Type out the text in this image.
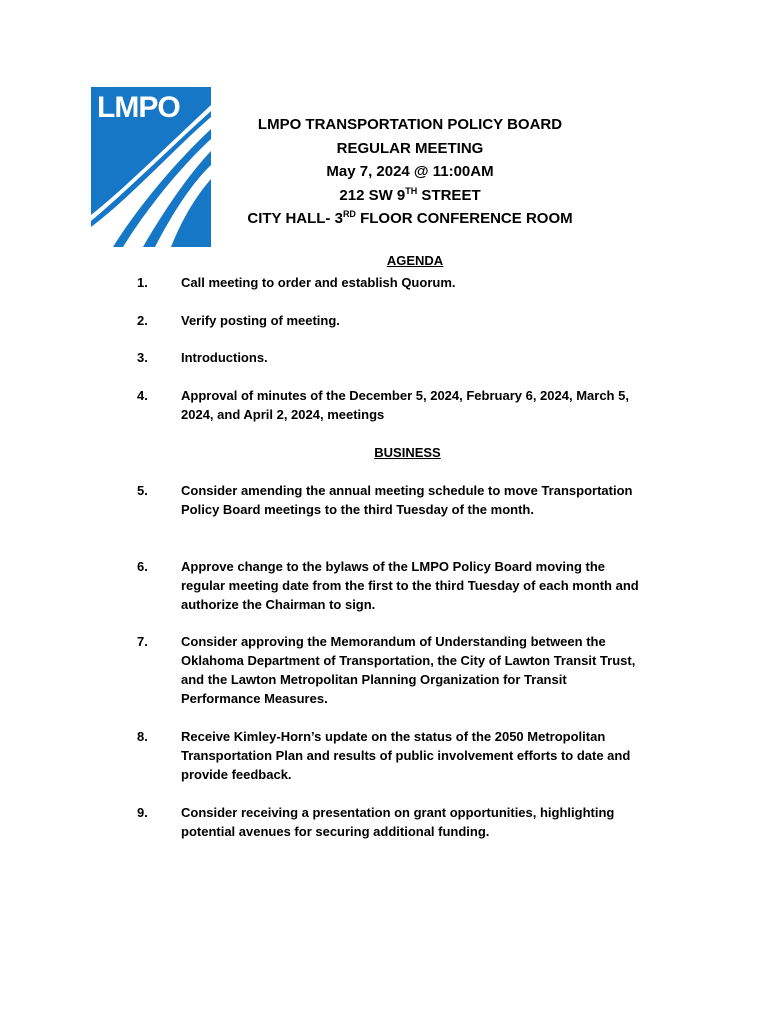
LMPO
LMPO TRANSPORTATION POLICY BOARD
REGULAR MEETING
May 7, 2024 @ 11:00AM
212 SW 9TH STREET
CITY HALL- 3RD FLOOR CONFERENCE ROOM
AGENDA
BUSINESS
1.	Call meeting to order and establish Quorum.
2.	Verify posting of meeting.
3.	Introductions.
4.	Approval of minutes of the December 5, 2024, February 6, 2024, March 5, 2024, and April 2, 2024, meetings
5.	Consider amending the annual meeting schedule to move Transportation Policy Board meetings to the third Tuesday of the month.
6.	Approve change to the bylaws of the LMPO Policy Board moving the regular meeting date from the first to the third Tuesday of each month and authorize the Chairman to sign.
7.	Consider approving the Memorandum of Understanding between the Oklahoma Department of Transportation, the City of Lawton Transit Trust, and the Lawton Metropolitan Planning Organization for Transit Performance Measures.
8.	Receive Kimley-Horn’s update on the status of the 2050 Metropolitan Transportation Plan and results of public involvement efforts to date and provide feedback.
9.	Consider receiving a presentation on grant opportunities, highlighting potential avenues for securing additional funding.
